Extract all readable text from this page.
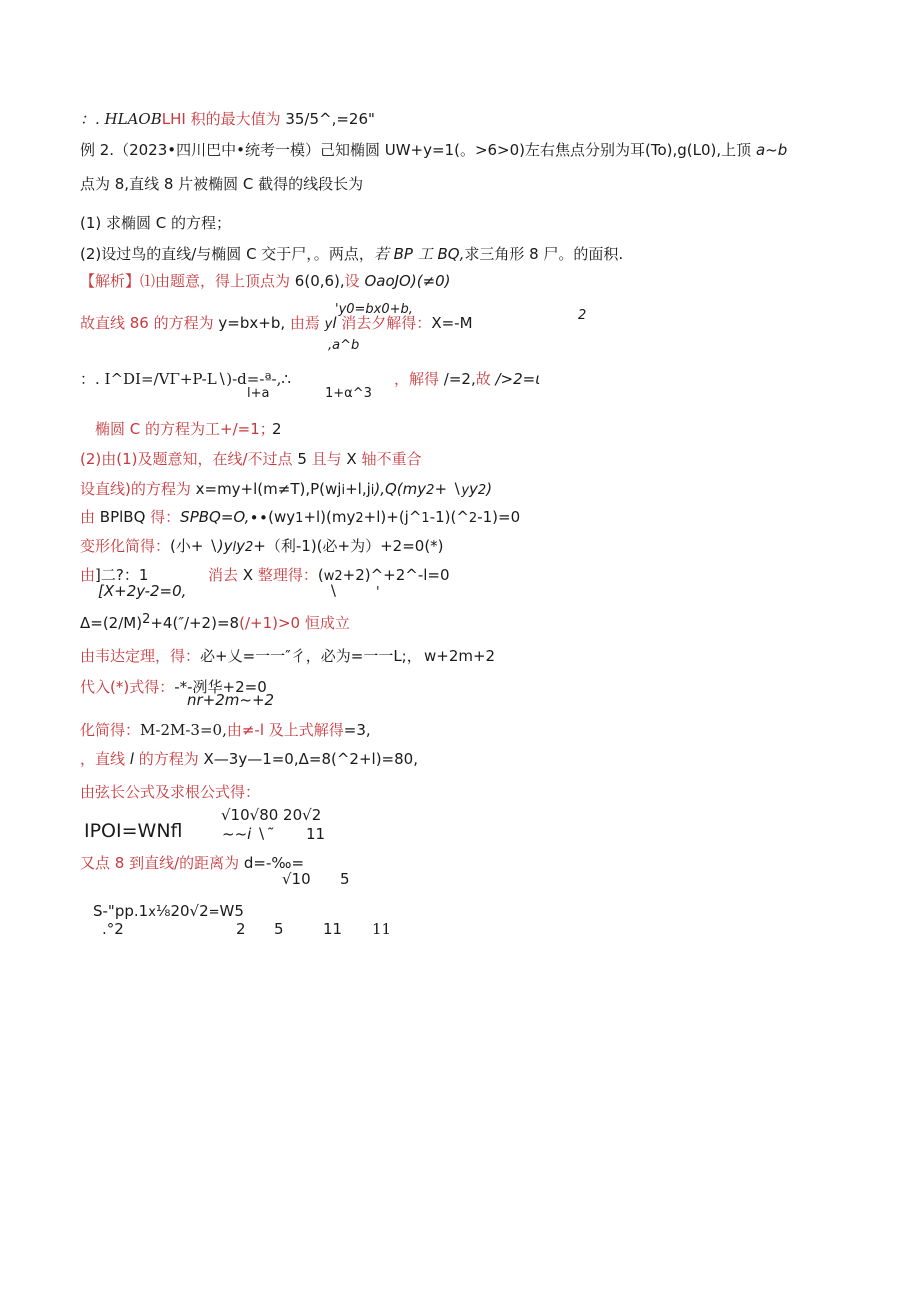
：. HLAOBLHI 积的最大值为 35/5^,=26"
例 2.（2023•四川巴中•统考一模）己知椭圆 UW+y=1(。>6>0)左右焦点分别为耳(To),g(L0),上顶 a~b
点为 8,直线 8 片被椭圆 C 截得的线段长为
(1) 求椭圆 C 的方程；
(2)设过鸟的直线/与椭圆 C 交于尸，。两点，若 BP 工 BQ,求三角形 8 尸。的面积.
【解析】⑴由题意，得上顶点为 6(0,6),设 OaoJO)(≠0)
'y0=bx0+b,
故直线 86 的方程为 y=bx+b, 由焉 yl 消去夕解得：X=-M	2
,a^b
：. I^DI=∕VΓ+P-L∖)-d=-ª-,∴	，解得 /=2,故 />2=ι
l+a	1+α^3
椭圆 C 的方程为工+/=1；
2
(2)由(1)及题意知，在线/不过点 5 且与 X 轴不重合
设直线)的方程为 x=my+l(m≠T),P(wji+l,ji),Q(my2+ ∖yy2)
由 BPlBQ 得：SPBQ=O,∙∙(wy1+l)(my2+l)+(j^1-1)(^2-1)=0
变形化简得：(小+ ∖)yly2+（利-1)(必+为）+2=0(*)
由]二?：1	消去 X 整理得：(w2+2)^+2^-l=0
[X+2y-2=0,	∖	'
Δ=(2∕M)2+4(″/+2)=8(/+1)>0 恒成立
由韦达定理，得：必+乂=一一″彳，必为=一一L;， w+2m+2
代入(*)式得：-*-冽华+2=0
nr+2m~+2
化简得：M-2M-3=0,由≠-l 及上式解得=3,
，直线 l 的方程为 X—3y—1=0,Δ=8(^2+l)=80,
由弦长公式及求根公式得：
√10√80 20√2
IPOI=WNfl	~~i ∖˜ 11
又点 8 到直线/的距离为 d=-‰=
√10 5
S-"pp.1x⅛20√2=W5
.°2	2 5	11 11
